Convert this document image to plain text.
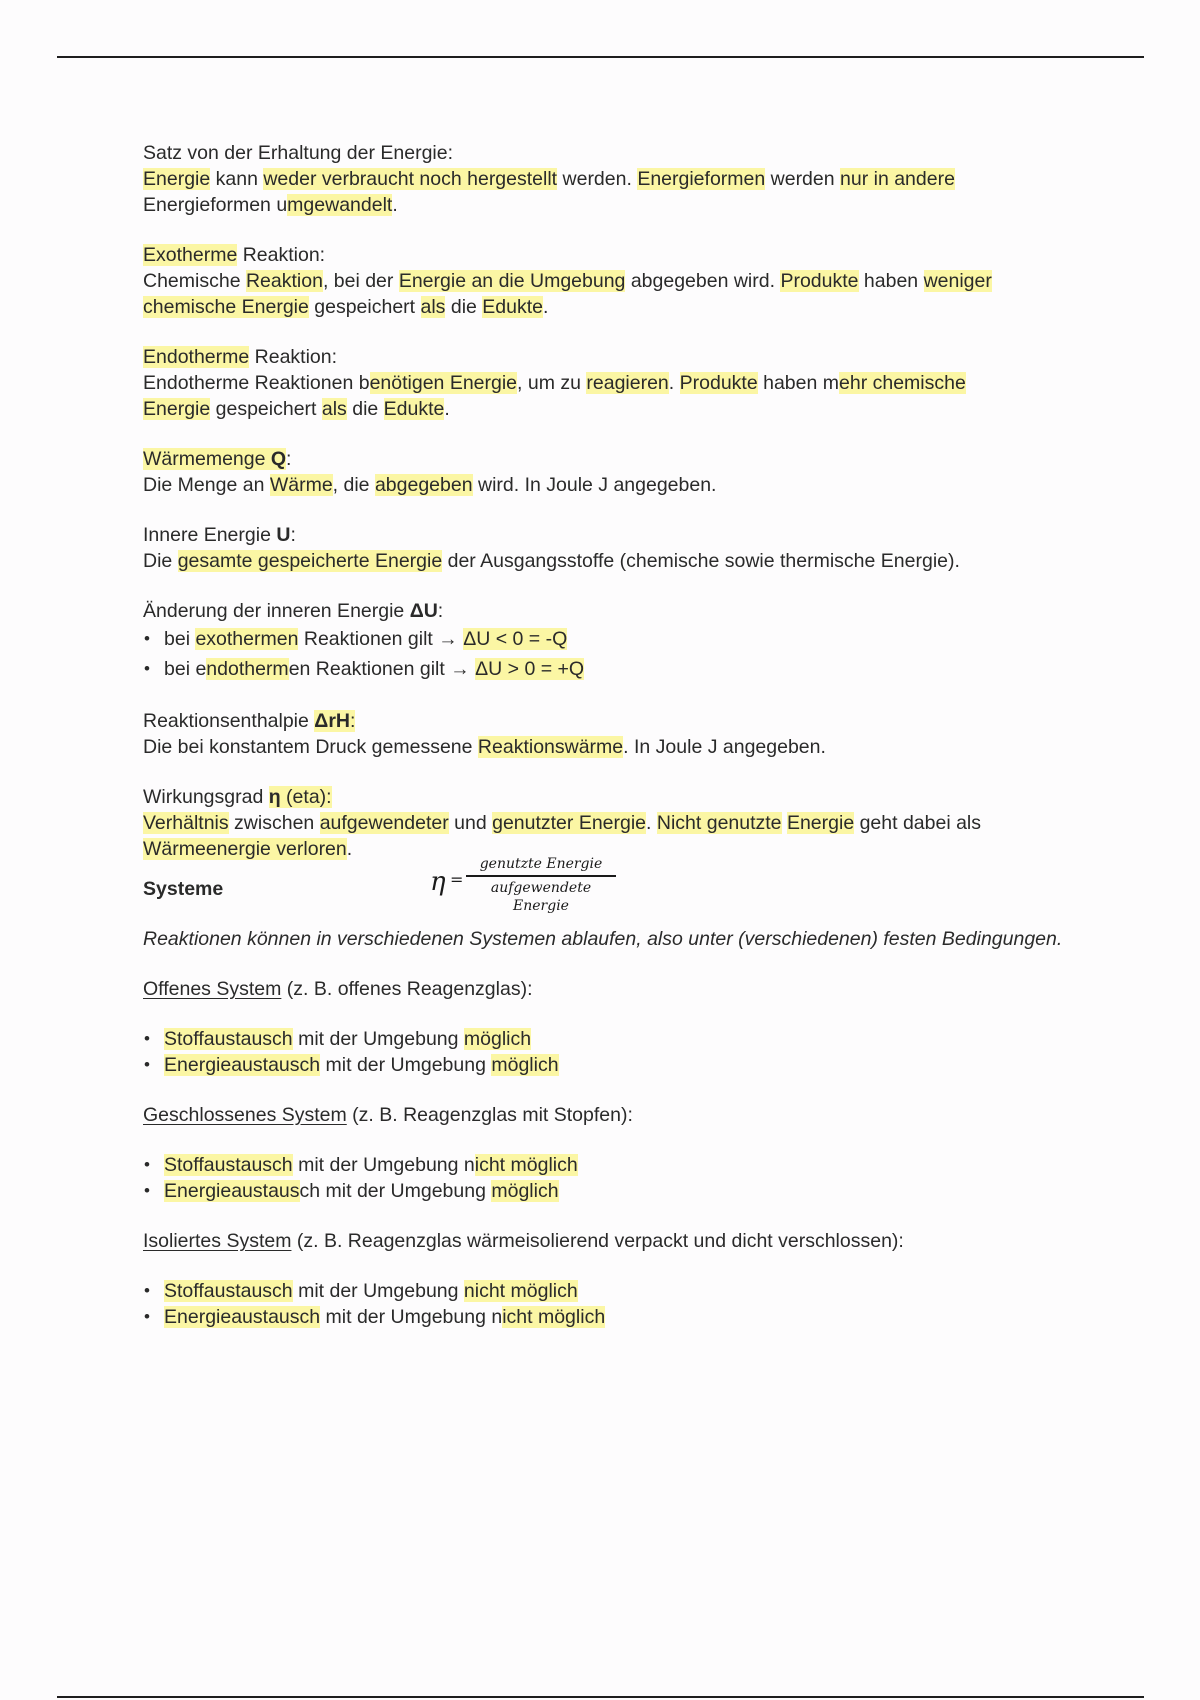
Satz von der Erhaltung der Energie:

Energie kann weder verbraucht noch hergestellt werden. Energieformen werden nur in andere
Energieformen umgewandelt.

Exotherme Reaktion:

Chemische Reaktion, bei der Energie an die Umgebung abgegeben wird. Produkte haben weniger
chemische Energie gespeichert als die Edukte.

Endotherme Reaktion:

Endotherme Reaktionen benötigen Energie, um zu reagieren. Produkte haben mehr chemische
Energie gespeichert als die Edukte.

Wärmemenge Q:

Die Menge an Wärme, die abgegeben wird. In Joule J angegeben.

Innere Energie U:

Die gesamte gespeicherte Energie der Ausgangsstoffe (chemische sowie thermische Energie).

Änderung der inneren Energie ΔU:

• bei exothermen Reaktionen gilt → ΔU < 0 = -Q
• bei endothermen Reaktionen gilt → ΔU > 0 = +Q

Reaktionsenthalpie ΔrH:

Die bei konstantem Druck gemessene Reaktionswärme. In Joule J angegeben.

Wirkungsgrad η (eta):

Verhältnis zwischen aufgewendeter und genutzter Energie. Nicht genutzte Energie geht dabei als
Wärmeenergie verloren.

Systeme

Reaktionen können in verschiedenen Systemen ablaufen, also unter (verschiedenen) festen Bedingungen.

Offenes System (z. B. offenes Reagenzglas):

• Stoffaustausch mit der Umgebung möglich
• Energieaustausch mit der Umgebung möglich

Geschlossenes System (z. B. Reagenzglas mit Stopfen):

• Stoffaustausch mit der Umgebung nicht möglich
• Energieaustausch mit der Umgebung möglich

Isoliertes System (z. B. Reagenzglas wärmeisolierend verpackt und dicht verschlossen):

• Stoffaustausch mit der Umgebung nicht möglich
• Energieaustausch mit der Umgebung nicht möglich
η =
genutzte Energie
aufgewendete Energie
